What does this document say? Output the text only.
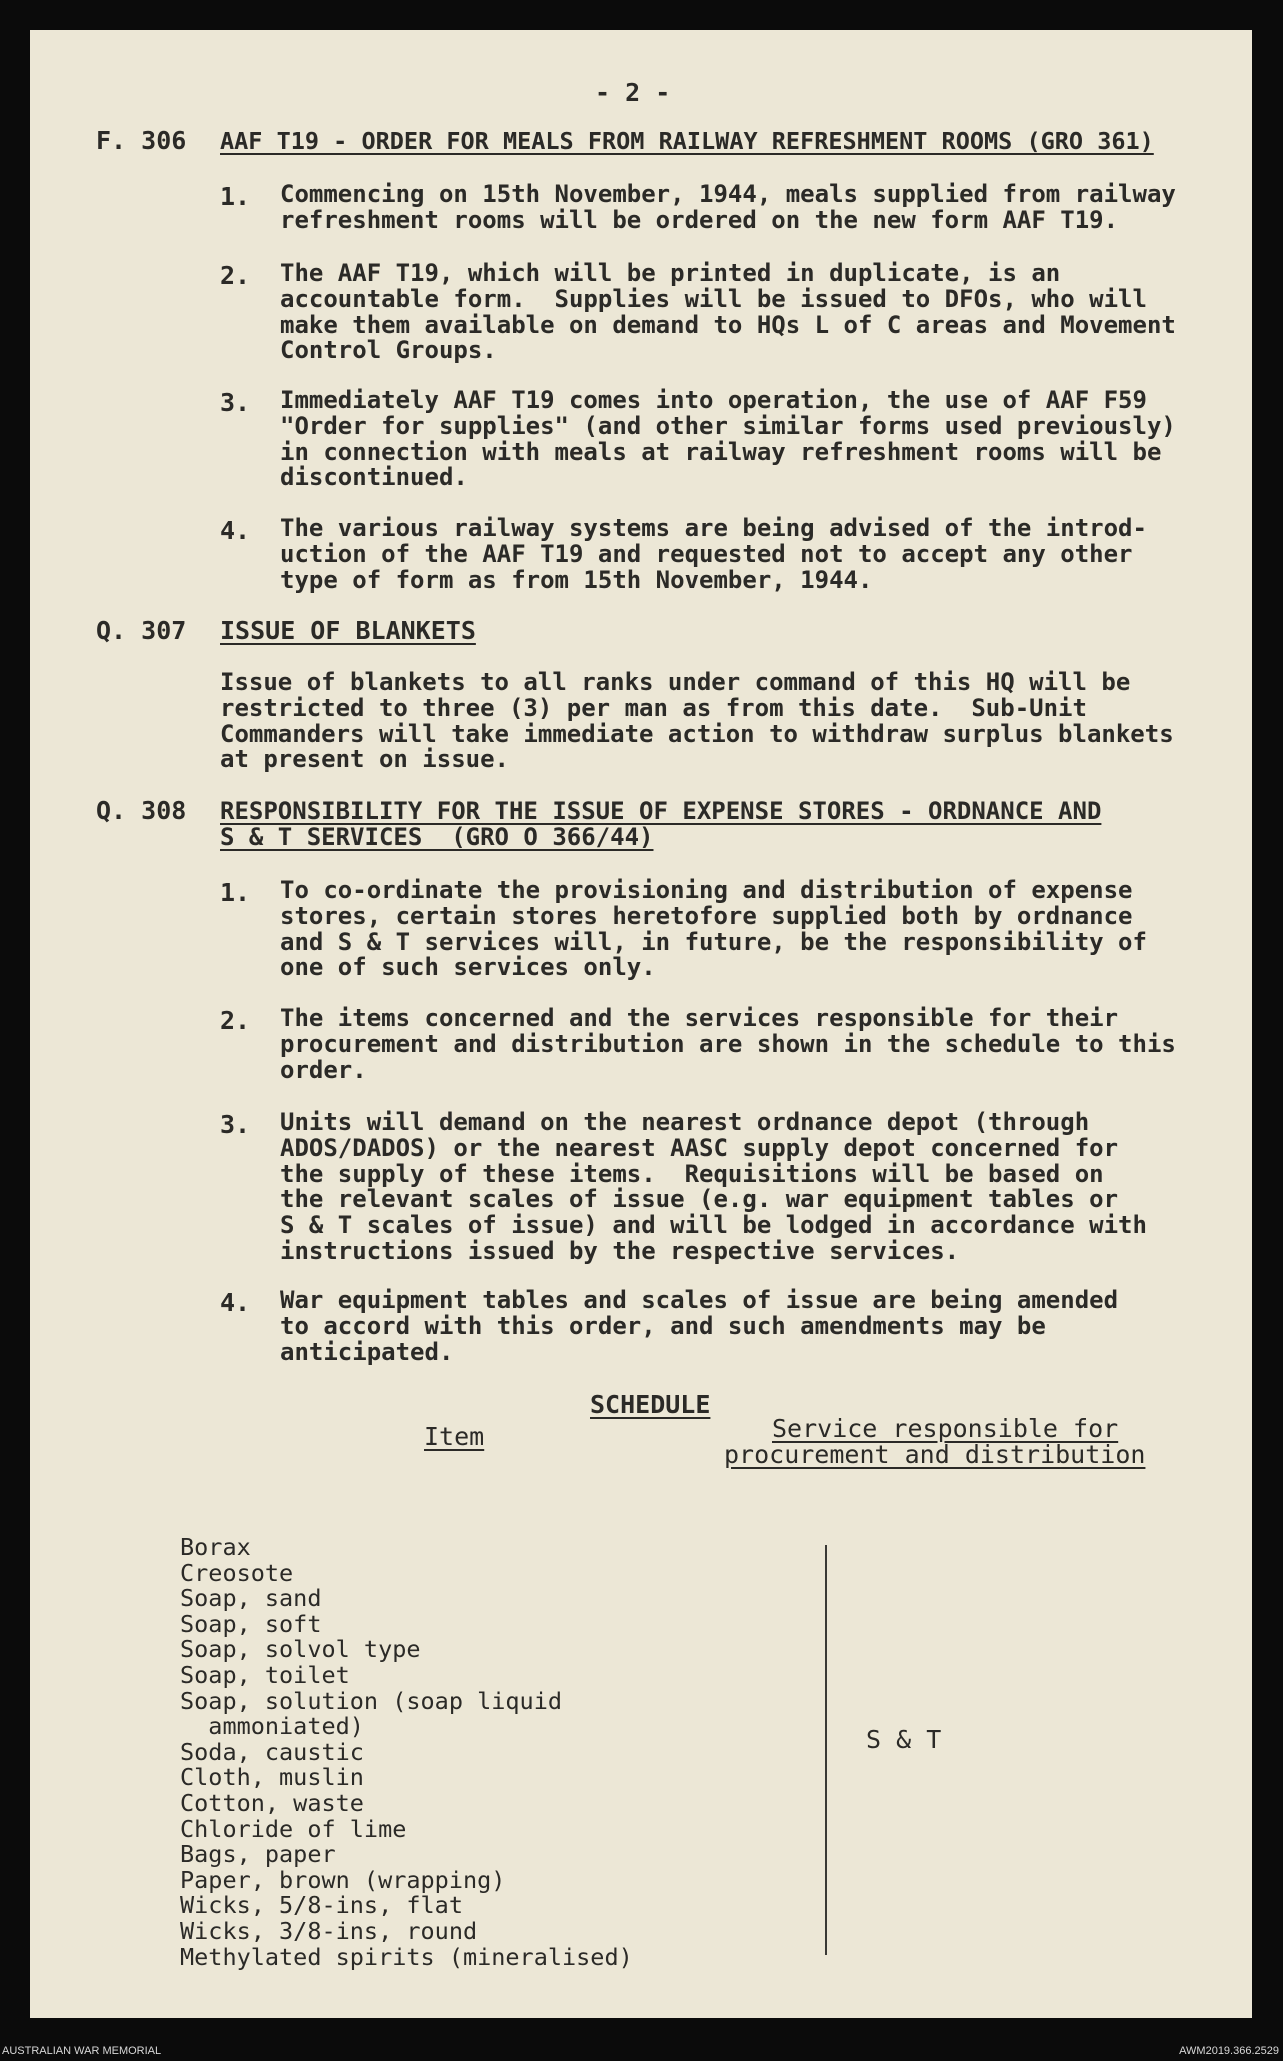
- 2 -
F. 306 AAF T19 - ORDER FOR MEALS FROM RAILWAY REFRESHMENT ROOMS (GRO 361)
1. Commencing on 15th November, 1944, meals supplied from railway
refreshment rooms will be ordered on the new form AAF T19.
2. The AAF T19, which will be printed in duplicate, is an
accountable form.  Supplies will be issued to DFOs, who will
make them available on demand to HQs L of C areas and Movement
Control Groups.
3. Immediately AAF T19 comes into operation, the use of AAF F59
"Order for supplies" (and other similar forms used previously)
in connection with meals at railway refreshment rooms will be
discontinued.
4. The various railway systems are being advised of the introd-
uction of the AAF T19 and requested not to accept any other
type of form as from 15th November, 1944.
Q. 307 ISSUE OF BLANKETS
Issue of blankets to all ranks under command of this HQ will be
restricted to three (3) per man as from this date.  Sub-Unit
Commanders will take immediate action to withdraw surplus blankets
at present on issue.
Q. 308 RESPONSIBILITY FOR THE ISSUE OF EXPENSE STORES - ORDNANCE AND
S & T SERVICES  (GRO O 366/44)
1. To co-ordinate the provisioning and distribution of expense
stores, certain stores heretofore supplied both by ordnance
and S & T services will, in future, be the responsibility of
one of such services only.
2. The items concerned and the services responsible for their
procurement and distribution are shown in the schedule to this
order.
3. Units will demand on the nearest ordnance depot (through
ADOS/DADOS) or the nearest AASC supply depot concerned for
the supply of these items.  Requisitions will be based on
the relevant scales of issue (e.g. war equipment tables or
S & T scales of issue) and will be lodged in accordance with
instructions issued by the respective services.
4. War equipment tables and scales of issue are being amended
to accord with this order, and such amendments may be
anticipated.
SCHEDULE
Item	Service responsible for
procurement and distribution
Borax
Creosote
Soap, sand
Soap, soft
Soap, solvol type
Soap, toilet
Soap, solution (soap liquid
ammoniated)
Soda, caustic
Cloth, muslin
Cotton, waste
Chloride of lime
Bags, paper
Paper, brown (wrapping)
Wicks, 5/8-ins, flat
Wicks, 3/8-ins, round
Methylated spirits (mineralised)
S & T
AUSTRALIAN WAR MEMORIAL	AWM2019.366.2529
